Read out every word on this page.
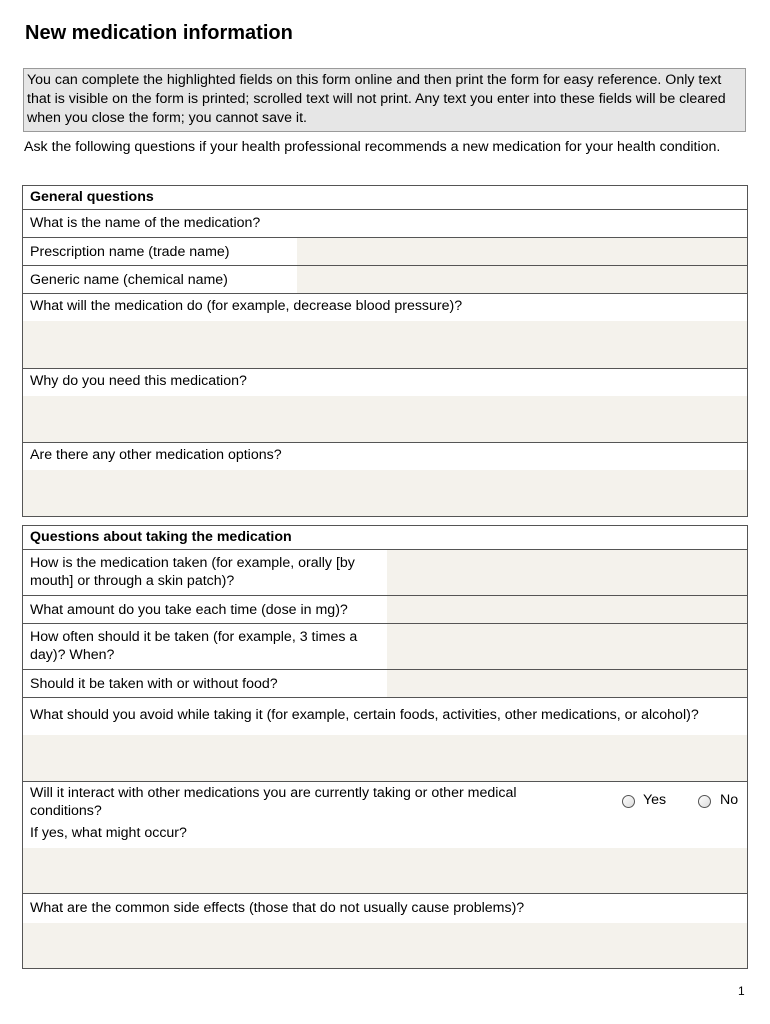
New medication information
You can complete the highlighted fields on this form online and then print the form for easy reference. Only text that is visible on the form is printed; scrolled text will not print. Any text you enter into these fields will be cleared when you close the form; you cannot save it.
Ask the following questions if your health professional recommends a new medication for your health condition.
General questions
What is the name of the medication?
Prescription name (trade name)
Generic name (chemical name)
What will the medication do (for example, decrease blood pressure)?
Why do you need this medication?
Are there any other medication options?
Questions about taking the medication
How is the medication taken (for example, orally [by mouth] or through a skin patch)?
What amount do you take each time (dose in mg)?
How often should it be taken (for example, 3 times a day)? When?
Should it be taken with or without food?
What should you avoid while taking it (for example, certain foods, activities, other medications, or alcohol)?
Will it interact with other medications you are currently taking or other medical conditions?
Yes	No
If yes, what might occur?
What are the common side effects (those that do not usually cause problems)?
1
